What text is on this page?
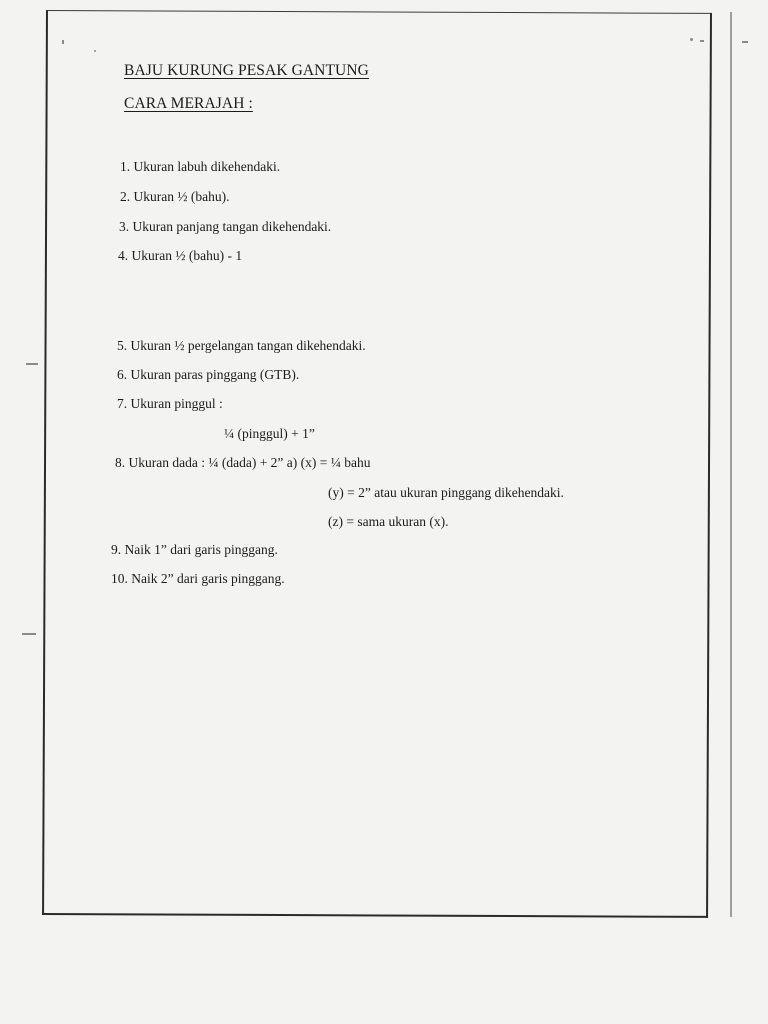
BAJU KURUNG PESAK GANTUNG
CARA MERAJAH :
1. Ukuran labuh dikehendaki.
2. Ukuran ½ (bahu).
3. Ukuran panjang tangan dikehendaki.
4. Ukuran ½ (bahu) - 1
5. Ukuran ½ pergelangan tangan dikehendaki.
6. Ukuran paras pinggang (GTB).
7. Ukuran pinggul :
¼ (pinggul) + 1”
8. Ukuran dada : ¼ (dada) + 2” a) (x) = ¼ bahu
(y) = 2” atau ukuran pinggang dikehendaki.
(z) = sama ukuran (x).
9. Naik 1” dari garis pinggang.
10. Naik 2” dari garis pinggang.
